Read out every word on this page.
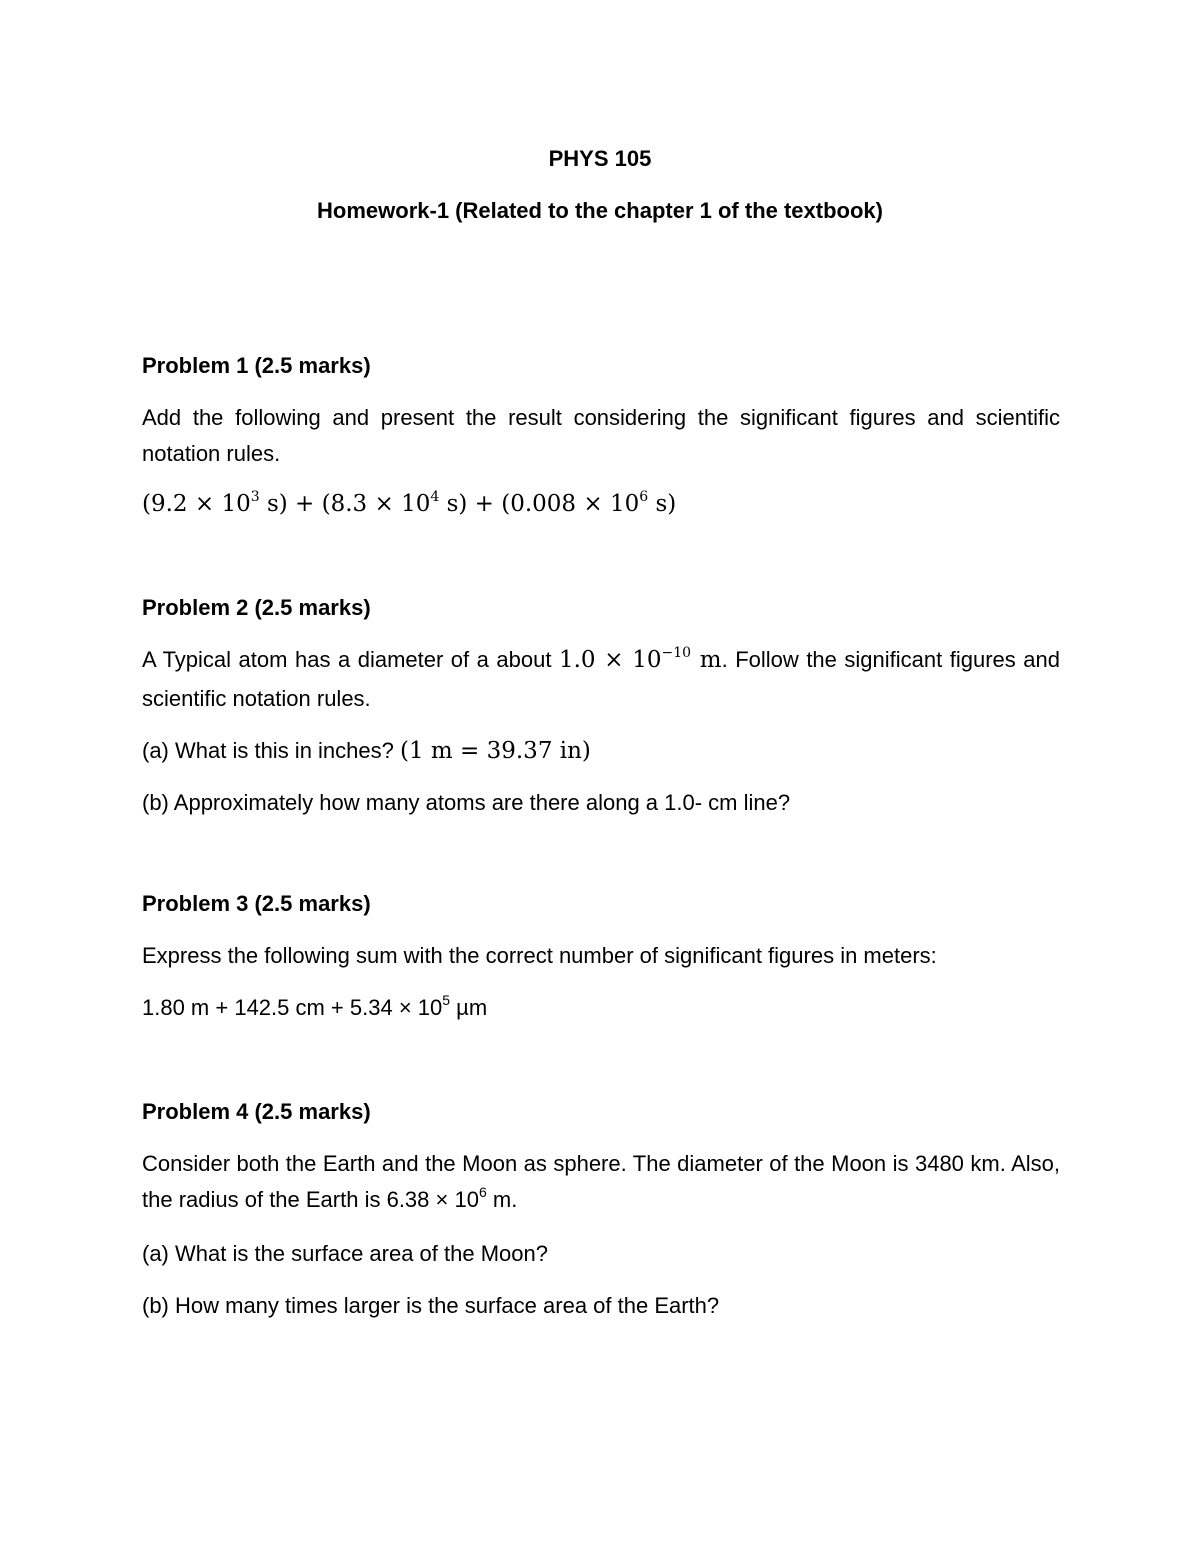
PHYS 105
Homework-1 (Related to the chapter 1 of the textbook)

Problem 1 (2.5 marks)

Add the following and present the result considering the significant figures and scientific notation rules.

($9.2 \times 10^3$ $s) + (8.3 \times 10^4$ $s) + (0.008 \times 10^6$ s)

Problem 2 (2.5 marks)

A Typical atom has a diameter of a about $1.0 \times 10^{-10}$ m. Follow the significant figures and scientific notation rules.

(a) What is this in inches? (1 m = 39.37 in)

(b) Approximately how many atoms are there along a 1.0- cm line?

Problem 3 (2.5 marks)

Express the following sum with the correct number of significant figures in meters:

1.80 m + 142.5 cm + $5.34 \times 10^5$ µm

Problem 4 (2.5 marks)

Consider both the Earth and the Moon as sphere. The diameter of the Moon is 3480 km. Also, the radius of the Earth is $6.38 \times 10^6$ m.

(a) What is the surface area of the Moon?

(b) How many times larger is the surface area of the Earth?
